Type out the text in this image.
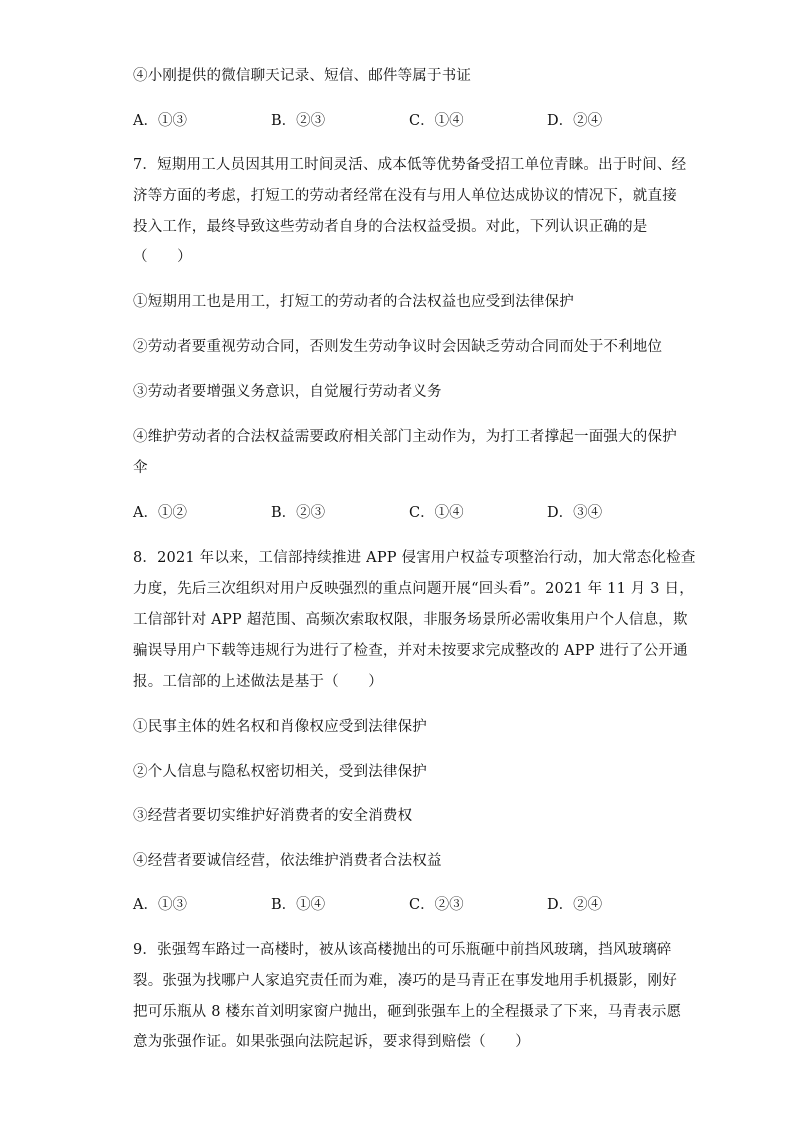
④小刚提供的微信聊天记录、短信、邮件等属于书证
A．①③	B．②③	C．①④	D．②④
7．短期用工人员因其用工时间灵活、成本低等优势备受招工单位青睐。出于时间、经
济等方面的考虑，打短工的劳动者经常在没有与用人单位达成协议的情况下，就直接
投入工作，最终导致这些劳动者自身的合法权益受损。对此，下列认识正确的是
（　　）
①短期用工也是用工，打短工的劳动者的合法权益也应受到法律保护
②劳动者要重视劳动合同，否则发生劳动争议时会因缺乏劳动合同而处于不利地位
③劳动者要增强义务意识，自觉履行劳动者义务
④维护劳动者的合法权益需要政府相关部门主动作为，为打工者撑起一面强大的保护
伞
A．①②	B．②③	C．①④	D．③④
8．2021 年以来，工信部持续推进 APP 侵害用户权益专项整治行动，加大常态化检查
力度，先后三次组织对用户反映强烈的重点问题开展“回头看”。2021 年 11 月 3 日，
工信部针对 APP 超范围、高频次索取权限，非服务场景所必需收集用户个人信息，欺
骗误导用户下载等违规行为进行了检查，并对未按要求完成整改的 APP 进行了公开通
报。工信部的上述做法是基于（　　）
①民事主体的姓名权和肖像权应受到法律保护
②个人信息与隐私权密切相关，受到法律保护
③经营者要切实维护好消费者的安全消费权
④经营者要诚信经营，依法维护消费者合法权益
A．①③	B．①④	C．②③	D．②④
9．张强驾车路过一高楼时，被从该高楼抛出的可乐瓶砸中前挡风玻璃，挡风玻璃碎
裂。张强为找哪户人家追究责任而为难，凑巧的是马青正在事发地用手机摄影，刚好
把可乐瓶从 8 楼东首刘明家窗户抛出，砸到张强车上的全程摄录了下来，马青表示愿
意为张强作证。如果张强向法院起诉，要求得到赔偿（　　）
